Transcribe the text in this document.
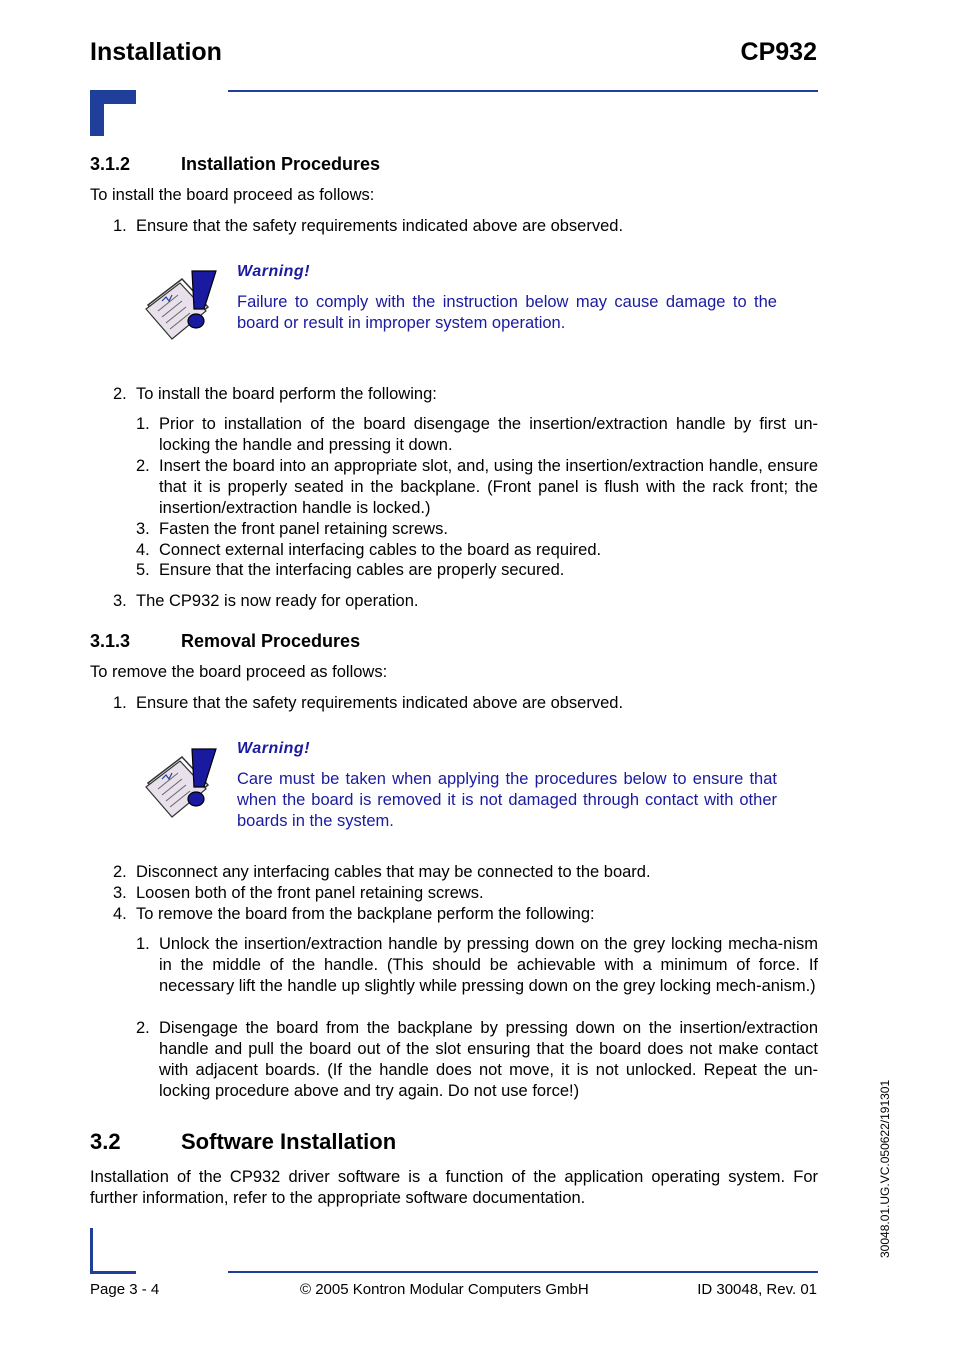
Installation	CP932
3.1.2	Installation Procedures
To install the board proceed as follows:
1. Ensure that the safety requirements indicated above are observed.
Warning!
Failure to comply with the instruction below may cause damage to the board or result in improper system operation.
2. To install the board perform the following:
1. Prior to installation of the board disengage the insertion/extraction handle by first un-locking the handle and pressing it down.
2. Insert the board into an appropriate slot, and, using the insertion/extraction handle, ensure that it is properly seated in the backplane. (Front panel is flush with the rack front; the insertion/extraction handle is locked.)
3. Fasten the front panel retaining screws.
4. Connect external interfacing cables to the board as required.
5. Ensure that the interfacing cables are properly secured.
3. The CP932 is now ready for operation.
3.1.3	Removal Procedures
To remove the board proceed as follows:
1. Ensure that the safety requirements indicated above are observed.
Warning!
Care must be taken when applying the procedures below to ensure that when the board is removed it is not damaged through contact with other boards in the system.
2. Disconnect any interfacing cables that may be connected to the board.
3. Loosen both of the front panel retaining screws.
4. To remove the board from the backplane perform the following:
1. Unlock the insertion/extraction handle by pressing down on the grey locking mecha-nism in the middle of the handle. (This should be achievable with a minimum of force. If necessary lift the handle up slightly while pressing down on the grey locking mech-anism.)
2. Disengage the board from the backplane by pressing down on the insertion/extraction handle and pull the board out of the slot ensuring that the board does not make contact with adjacent boards. (If the handle does not move, it is not unlocked. Repeat the un-locking procedure above and try again. Do not use force!)
3.2	Software Installation
Installation of the CP932 driver software is a function of the application operating system. For further information, refer to the appropriate software documentation.	30048.01.UG.VC.050622/191301
Page 3 - 4	© 2005 Kontron Modular Computers GmbH	ID 30048, Rev. 01
